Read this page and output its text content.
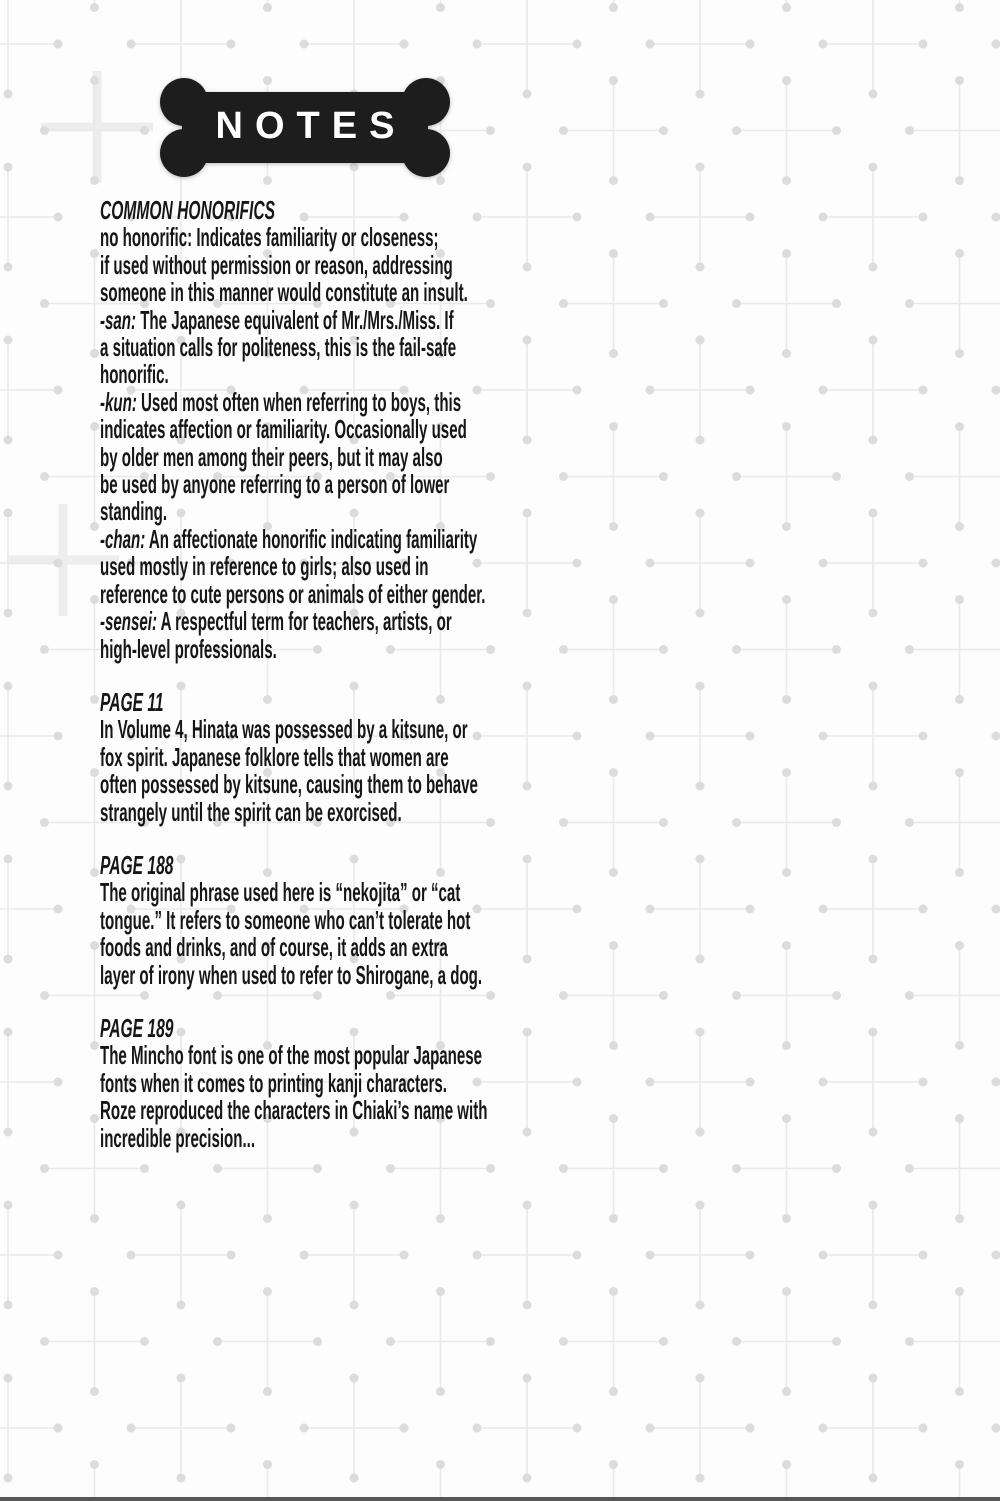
NOTES
COMMON HONORIFICS
no honorific: Indicates familiarity or closeness;
if used without permission or reason, addressing
someone in this manner would constitute an insult.
-san: The Japanese equivalent of Mr./Mrs./Miss. If
a situation calls for politeness, this is the fail-safe
honorific.
-kun: Used most often when referring to boys, this
indicates affection or familiarity. Occasionally used
by older men among their peers, but it may also
be used by anyone referring to a person of lower
standing.
-chan: An affectionate honorific indicating familiarity
used mostly in reference to girls; also used in
reference to cute persons or animals of either gender.
-sensei: A respectful term for teachers, artists, or
high-level professionals.
PAGE 11
In Volume 4, Hinata was possessed by a kitsune, or
fox spirit. Japanese folklore tells that women are
often possessed by kitsune, causing them to behave
strangely until the spirit can be exorcised.
PAGE 188
The original phrase used here is “nekojita” or “cat
tongue.” It refers to someone who can’t tolerate hot
foods and drinks, and of course, it adds an extra
layer of irony when used to refer to Shirogane, a dog.
PAGE 189
The Mincho font is one of the most popular Japanese
fonts when it comes to printing kanji characters.
Roze reproduced the characters in Chiaki’s name with
incredible precision...
